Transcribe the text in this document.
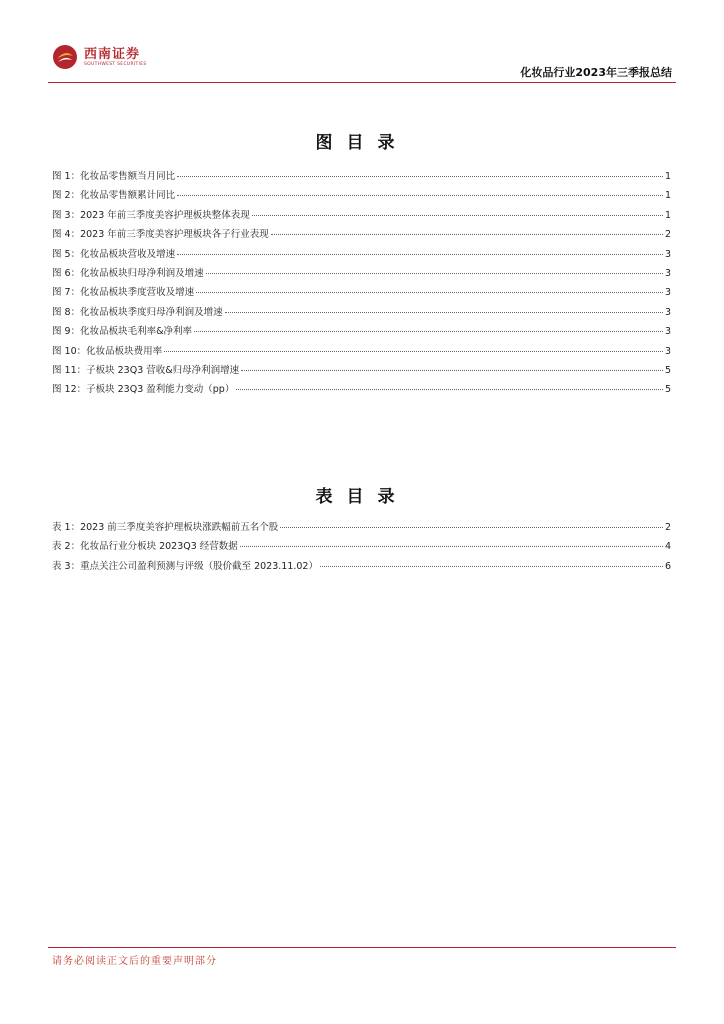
西南证券
SOUTHWEST SECURITIES
化妆品行业2023年三季报总结
图目录
图 1：化妆品零售额当月同比	1
图 2：化妆品零售额累计同比	1
图 3：2023 年前三季度美容护理板块整体表现	1
图 4：2023 年前三季度美容护理板块各子行业表现	2
图 5：化妆品板块营收及增速	3
图 6：化妆品板块归母净利润及增速	3
图 7：化妆品板块季度营收及增速	3
图 8：化妆品板块季度归母净利润及增速	3
图 9：化妆品板块毛利率&净利率	3
图 10：化妆品板块费用率	3
图 11：子板块 23Q3 营收&归母净利润增速	5
图 12：子板块 23Q3 盈利能力变动（pp）	5
表目录
表 1：2023 前三季度美容护理板块涨跌幅前五名个股	2
表 2：化妆品行业分板块 2023Q3 经营数据	4
表 3：重点关注公司盈利预测与评级（股价截至 2023.11.02）	6
请务必阅读正文后的重要声明部分
